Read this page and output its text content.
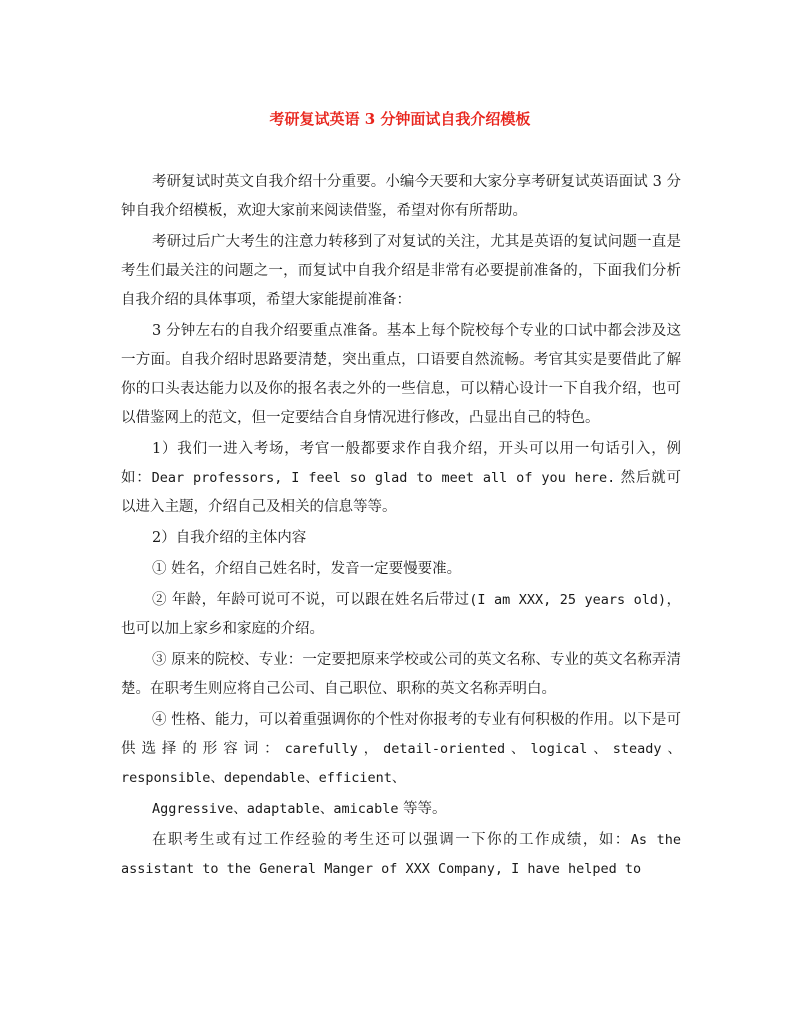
考研复试英语 3 分钟面试自我介绍模板

考研复试时英文自我介绍十分重要。小编今天要和大家分享考研复试英语面试 3 分钟自我介绍模板，欢迎大家前来阅读借鉴，希望对你有所帮助。

考研过后广大考生的注意力转移到了对复试的关注，尤其是英语的复试问题一直是考生们最关注的问题之一，而复试中自我介绍是非常有必要提前准备的，下面我们分析自我介绍的具体事项，希望大家能提前准备：

3 分钟左右的自我介绍要重点准备。基本上每个院校每个专业的口试中都会涉及这一方面。自我介绍时思路要清楚，突出重点，口语要自然流畅。考官其实是要借此了解你的口头表达能力以及你的报名表之外的一些信息，可以精心设计一下自我介绍，也可以借鉴网上的范文，但一定要结合自身情况进行修改，凸显出自己的特色。

1）我们一进入考场，考官一般都要求作自我介绍，开头可以用一句话引入，例如：Dear professors, I feel so glad to meet all of you here. 然后就可以进入主题，介绍自己及相关的信息等等。

2）自我介绍的主体内容

① 姓名，介绍自己姓名时，发音一定要慢要准。

② 年龄，年龄可说可不说，可以跟在姓名后带过(I am XXX, 25 years old)，也可以加上家乡和家庭的介绍。

③ 原来的院校、专业：一定要把原来学校或公司的英文名称、专业的英文名称弄清楚。在职考生则应将自己公司、自己职位、职称的英文名称弄明白。

④ 性格、能力，可以着重强调你的个性对你报考的专业有何积极的作用。以下是可供选择的形容词：carefully，detail-oriented、logical、steady、responsible、dependable、efficient、

Aggressive、adaptable、amicable 等等。

在职考生或有过工作经验的考生还可以强调一下你的工作成绩，如：As the assistant to the General Manger of XXX Company, I have helped to
